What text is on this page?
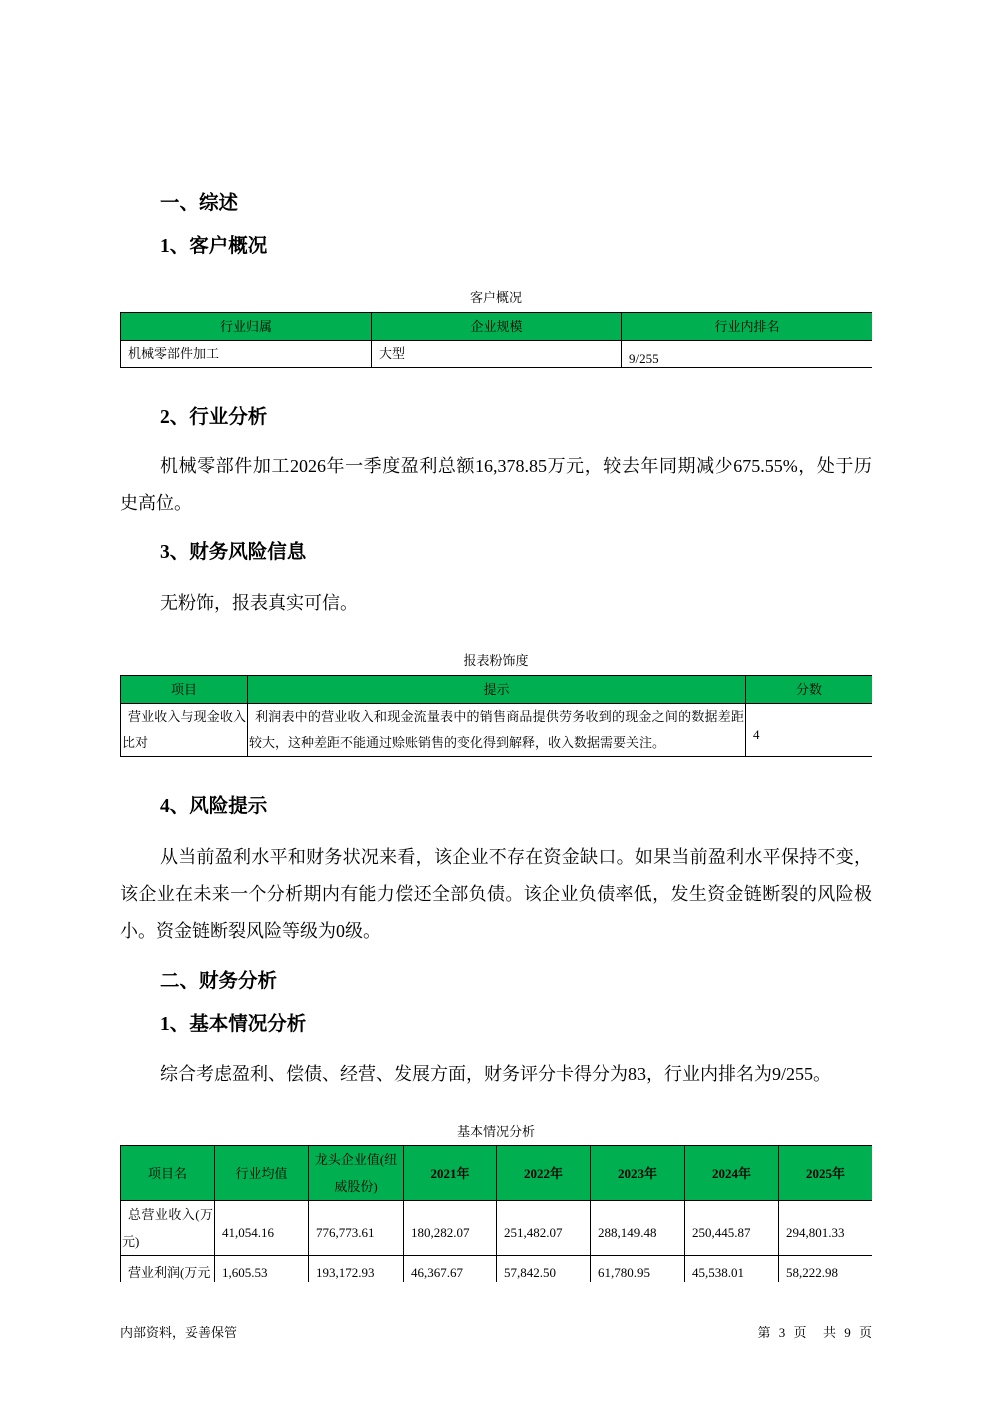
一、综述
1、客户概况
客户概况
行业归属	企业规模	行业内排名
机械零部件加工	大型	9/255
2、行业分析
机械零部件加工2026年一季度盈利总额16,378.85万元，较去年同期减少675.55%，处于历史高位。
3、财务风险信息
无粉饰，报表真实可信。
报表粉饰度
项目	提示	分数
营业收入与现金收入比对	利润表中的营业收入和现金流量表中的销售商品提供劳务收到的现金之间的数据差距较大，这种差距不能通过赊账销售的变化得到解释，收入数据需要关注。	4
4、风险提示
从当前盈利水平和财务状况来看，该企业不存在资金缺口。如果当前盈利水平保持不变，该企业在未来一个分析期内有能力偿还全部负债。该企业负债率低，发生资金链断裂的风险极小。资金链断裂风险等级为0级。
二、财务分析
1、基本情况分析
综合考虑盈利、偿债、经营、发展方面，财务评分卡得分为83，行业内排名为9/255。
基本情况分析
项目名	行业均值	龙头企业值(纽威股份)	2021年	2022年	2023年	2024年	2025年
总营业收入(万元)	41,054.16	776,773.61	180,282.07	251,482.07	288,149.48	250,445.87	294,801.33
营业利润(万元	1,605.53	193,172.93	46,367.67	57,842.50	61,780.95	45,538.01	58,222.98
内部资料，妥善保管	第 3 页  共 9 页
